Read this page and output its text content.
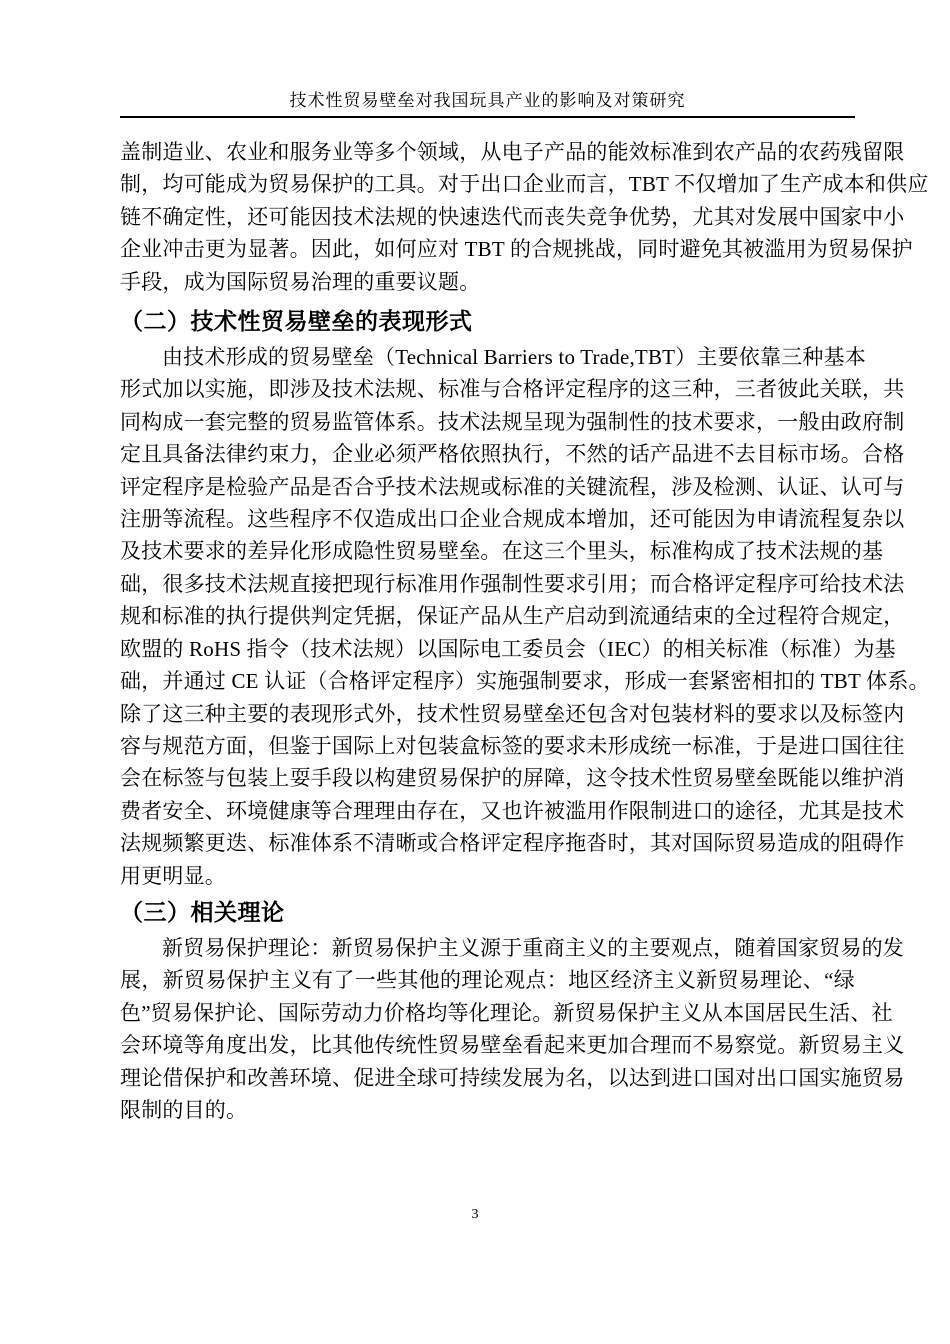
技术性贸易壁垒对我国玩具产业的影响及对策研究
盖制造业、农业和服务业等多个领域，从电子产品的能效标准到农产品的农药残留限
制，均可能成为贸易保护的工具。对于出口企业而言，TBT 不仅增加了生产成本和供应
链不确定性，还可能因技术法规的快速迭代而丧失竞争优势，尤其对发展中国家中小
企业冲击更为显著。因此，如何应对 TBT 的合规挑战，同时避免其被滥用为贸易保护
手段，成为国际贸易治理的重要议题。
（二）技术性贸易壁垒的表现形式
由技术形成的贸易壁垒（Technical Barriers to Trade,TBT）主要依靠三种基本
形式加以实施，即涉及技术法规、标准与合格评定程序的这三种，三者彼此关联，共
同构成一套完整的贸易监管体系。技术法规呈现为强制性的技术要求，一般由政府制
定且具备法律约束力，企业必须严格依照执行，不然的话产品进不去目标市场。合格
评定程序是检验产品是否合乎技术法规或标准的关键流程，涉及检测、认证、认可与
注册等流程。这些程序不仅造成出口企业合规成本增加，还可能因为申请流程复杂以
及技术要求的差异化形成隐性贸易壁垒。在这三个里头，标准构成了技术法规的基
础，很多技术法规直接把现行标准用作强制性要求引用；而合格评定程序可给技术法
规和标准的执行提供判定凭据，保证产品从生产启动到流通结束的全过程符合规定，
欧盟的 RoHS 指令（技术法规）以国际电工委员会（IEC）的相关标准（标准）为基
础，并通过 CE 认证（合格评定程序）实施强制要求，形成一套紧密相扣的 TBT 体系。
除了这三种主要的表现形式外，技术性贸易壁垒还包含对包装材料的要求以及标签内
容与规范方面，但鉴于国际上对包装盒标签的要求未形成统一标准，于是进口国往往
会在标签与包装上耍手段以构建贸易保护的屏障，这令技术性贸易壁垒既能以维护消
费者安全、环境健康等合理理由存在，又也许被滥用作限制进口的途径，尤其是技术
法规频繁更迭、标准体系不清晰或合格评定程序拖沓时，其对国际贸易造成的阻碍作
用更明显。
（三）相关理论
新贸易保护理论：新贸易保护主义源于重商主义的主要观点，随着国家贸易的发
展，新贸易保护主义有了一些其他的理论观点：地区经济主义新贸易理论、“绿
色”贸易保护论、国际劳动力价格均等化理论。新贸易保护主义从本国居民生活、社
会环境等角度出发，比其他传统性贸易壁垒看起来更加合理而不易察觉。新贸易主义
理论借保护和改善环境、促进全球可持续发展为名，以达到进口国对出口国实施贸易
限制的目的。
3
